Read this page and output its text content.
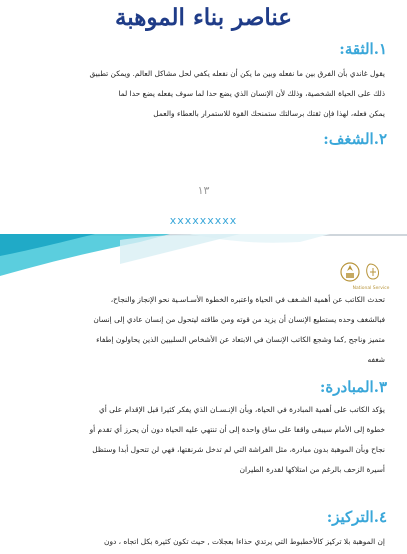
عناصر بناء الموهبة
١.الثقة:
يقول غاندي بأن الفرق بين ما نفعله وبين ما يكن أن نفعله يكفي لحل مشاكل العالم. ويمكن تطبيق
ذلك على الحياة الشخصية، وذلك لأن الإنسان الذي يضع حدا لما سوف يفعله يضع حدا لما
يمكن فعله، لهذا فإن ثقتك برسالتك ستمنحك القوة للاستمرار بالعطاء والعمل
٢.الشغف:
١٣
xxxxxxxxx
National Service
تحدث الكاتب عن أهمية الشـغف في الحياة واعتبره الخطوة الأسـاسـية نحو الإنجاز والنجاح،
فبالشغف وحده يستطيع الإنسان أن يزيد من قوته ومن طاقته ليتحول من إنسان عادي إلى إنسان
متميز وناجح ,كما وشجع الكاتب الإنسان في الابتعاد عن الأشخاص السلبيين الذين يحاولون إطفاء
شغفه
٣.المبادرة:
يؤكد الكاتب على أهمية المبادرة في الحياة، وبأن الإنـسـان الذي يفكر كثيرا قبل الإقدام على أي
خطوة إلى الأمام سيبقى واقفا على ساق واحدة إلى أن تنتهي عليه الحياة دون أن يحرز أي تقدم أو
نجاح وبأن الموهبة بدون مبادرة، مثل الفراشة التي لم تدخل شرنقتها، فهي لن تتحول أبدا وستظل
أسيرة الزحف بالرغم من امتلاكها لقدرة الطيران
٤.التركيز:
إن الموهبة بلا تركيز كالأخطبوط التي يرتدي حذاءا بعجلات , حيث تكون كثيرة بكل اتجاه ، دون
